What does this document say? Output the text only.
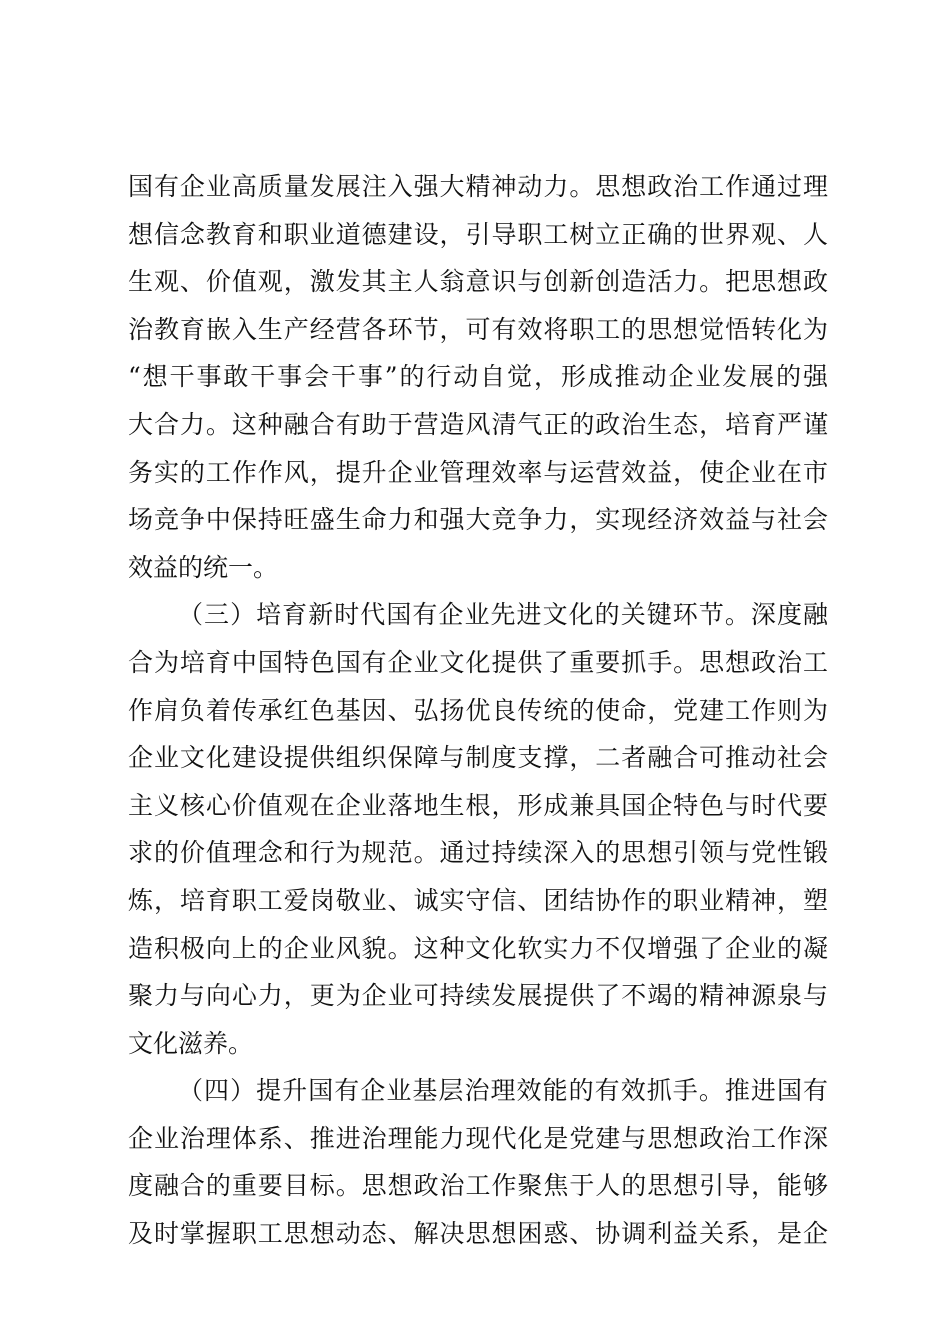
国有企业高质量发展注入强大精神动力。思想政治工作通过理
想信念教育和职业道德建设，引导职工树立正确的世界观、人
生观、价值观，激发其主人翁意识与创新创造活力。把思想政
治教育嵌入生产经营各环节，可有效将职工的思想觉悟转化为
“想干事敢干事会干事”的行动自觉，形成推动企业发展的强
大合力。这种融合有助于营造风清气正的政治生态，培育严谨
务实的工作作风，提升企业管理效率与运营效益，使企业在市
场竞争中保持旺盛生命力和强大竞争力，实现经济效益与社会
效益的统一。
（三）培育新时代国有企业先进文化的关键环节。深度融
合为培育中国特色国有企业文化提供了重要抓手。思想政治工
作肩负着传承红色基因、弘扬优良传统的使命，党建工作则为
企业文化建设提供组织保障与制度支撑，二者融合可推动社会
主义核心价值观在企业落地生根，形成兼具国企特色与时代要
求的价值理念和行为规范。通过持续深入的思想引领与党性锻
炼，培育职工爱岗敬业、诚实守信、团结协作的职业精神，塑
造积极向上的企业风貌。这种文化软实力不仅增强了企业的凝
聚力与向心力，更为企业可持续发展提供了不竭的精神源泉与
文化滋养。
（四）提升国有企业基层治理效能的有效抓手。推进国有
企业治理体系、推进治理能力现代化是党建与思想政治工作深
度融合的重要目标。思想政治工作聚焦于人的思想引导，能够
及时掌握职工思想动态、解决思想困惑、协调利益关系，是企
